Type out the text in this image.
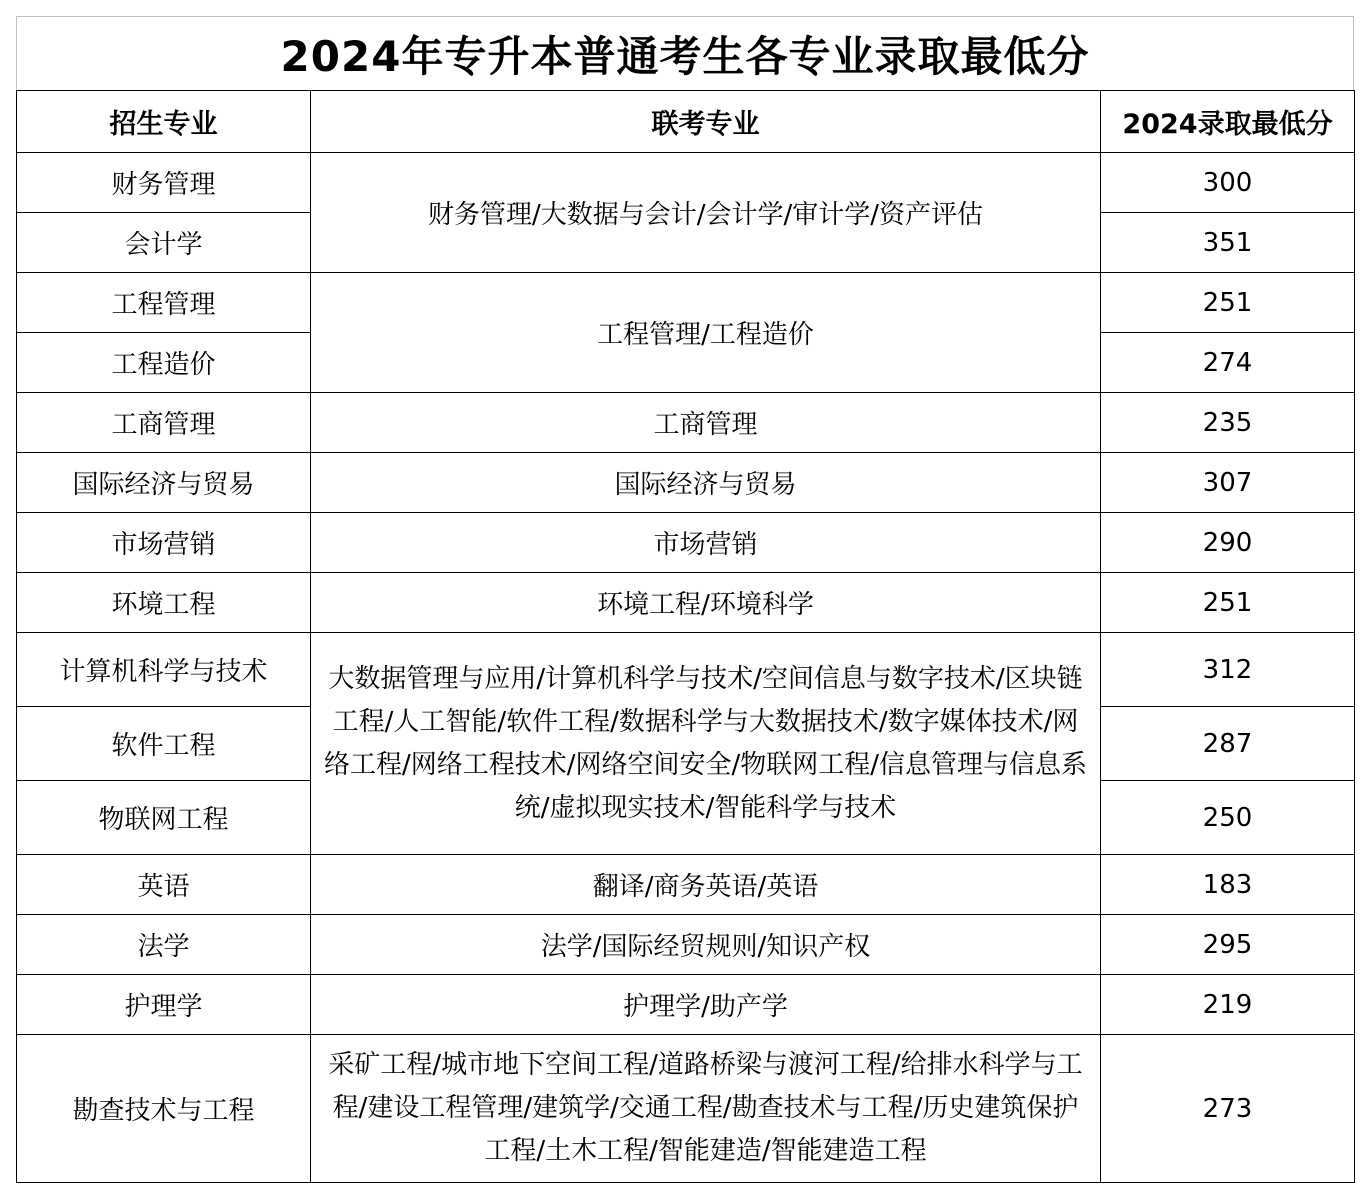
2024年专升本普通考生各专业录取最低分
招生专业	联考专业	2024录取最低分
财务管理	财务管理/大数据与会计/会计学/审计学/资产评估	300
会计学		351
工程管理	工程管理/工程造价	251
工程造价		274
工商管理	工商管理	235
国际经济与贸易	国际经济与贸易	307
市场营销	市场营销	290
环境工程	环境工程/环境科学	251
计算机科学与技术	大数据管理与应用/计算机科学与技术/空间信息与数字技术/区块链工程/人工智能/软件工程/数据科学与大数据技术/数字媒体技术/网络工程/网络工程技术/网络空间安全/物联网工程/信息管理与信息系统/虚拟现实技术/智能科学与技术	312
软件工程		287
物联网工程		250
英语	翻译/商务英语/英语	183
法学	法学/国际经贸规则/知识产权	295
护理学	护理学/助产学	219
勘查技术与工程	采矿工程/城市地下空间工程/道路桥梁与渡河工程/给排水科学与工程/建设工程管理/建筑学/交通工程/勘查技术与工程/历史建筑保护工程/土木工程/智能建造/智能建造工程	273
